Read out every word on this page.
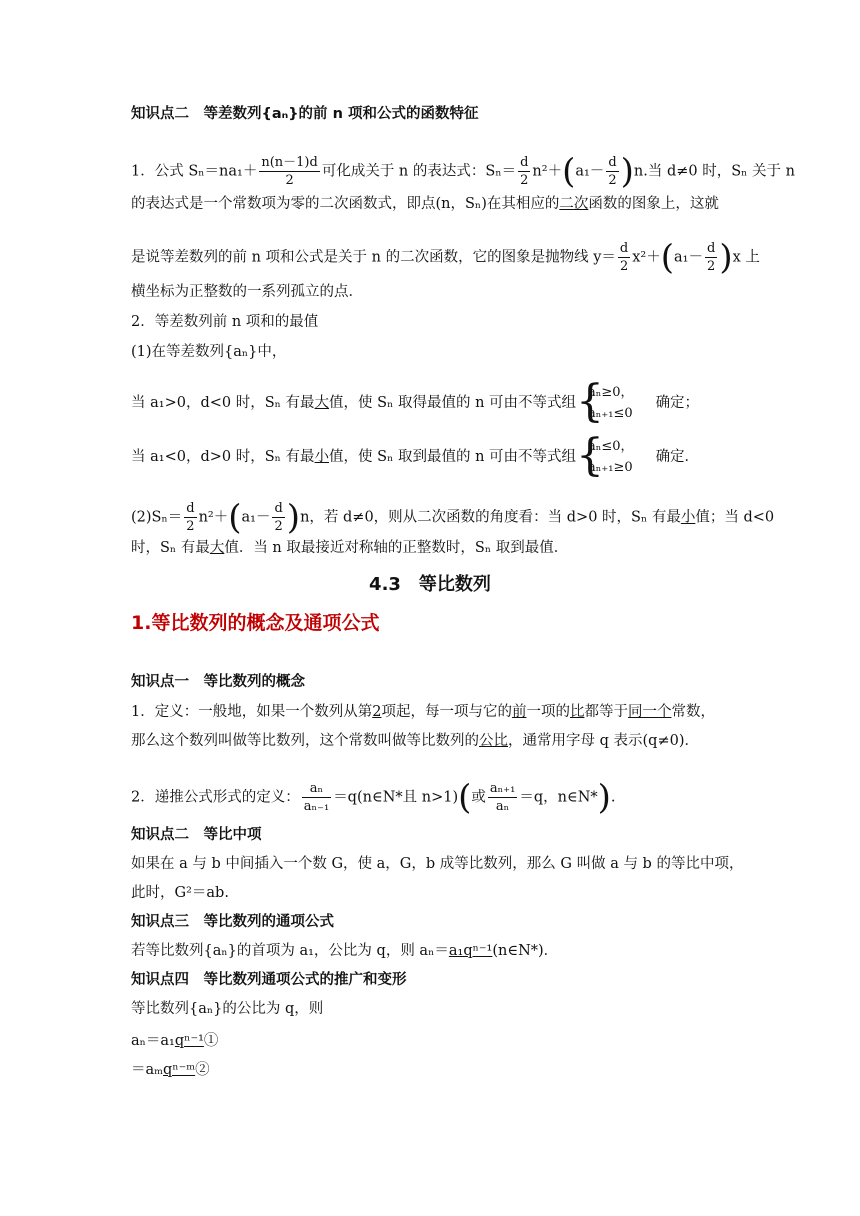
知识点二　等差数列{aₙ}的前 n 项和公式的函数特征
1．公式 $S_n=na_1+ \frac{n(n-1)d}{2}$ 可化成关于 n 的表达式：$S_n= \frac{d}{2} n^2+(a_1- \frac{d}{2} )n$.当 d≠0 时，Sₙ 关于 n
的表达式是一个常数项为零的二次函数式，即点(n，Sₙ)在其相应的二次函数的图象上，这就
是说等差数列的前 n 项和公式是关于 n 的二次函数，它的图象是抛物线 $y= \frac{d}{2} x^2+(a_1- \frac{d}{2} )x$ 上
横坐标为正整数的一系列孤立的点．
2．等差数列前 n 项和的最值
(1)在等差数列{aₙ}中，
当 a₁>0，d<0 时，Sₙ 有最大值，使 Sₙ 取得最值的 n 可由不等式组
{ aₙ≥0，
aₙ₊₁≤0
确定；
当 a₁<0，d>0 时，Sₙ 有最小值，使 Sₙ 取到最值的 n 可由不等式组
{ aₙ≤0，
aₙ₊₁≥0
确定．
$(2)S_n= \frac{d}{2} n^2+(a_1- \frac{d}{2} )n$，若 d≠0，则从二次函数的角度看：当 d>0 时，Sₙ 有最小值；当 d<0
时，Sₙ 有最大值．当 n 取最接近对称轴的正整数时，Sₙ 取到最值．
4.3　等比数列
1.等比数列的概念及通项公式
知识点一　等比数列的概念
1．定义：一般地，如果一个数列从第2项起，每一项与它的前一项的比都等于同一个常数，
那么这个数列叫做等比数列，这个常数叫做等比数列的公比，通常用字母 q 表示(q≠0)．
2．递推公式形式的定义： $\frac{\text{aₙ}}{\text{aₙ₋₁}}$ ＝q(n∈N*且 n>1)(或 $\frac{\text{aₙ₊₁}}{\text{aₙ}} =q$，n∈N*).
知识点二　等比中项
如果在 a 与 b 中间插入一个数 G，使 a，G，b 成等比数列，那么 G 叫做 a 与 b 的等比中项，
此时，G²＝ab.
知识点三　等比数列的通项公式
若等比数列{aₙ}的首项为 a₁，公比为 q，则 aₙ＝a₁qⁿ⁻¹(n∈N*)．
知识点四　等比数列通项公式的推广和变形
等比数列{aₙ}的公比为 q，则
aₙ＝a₁qⁿ⁻¹①
＝aₘqⁿ⁻ᵐ②
